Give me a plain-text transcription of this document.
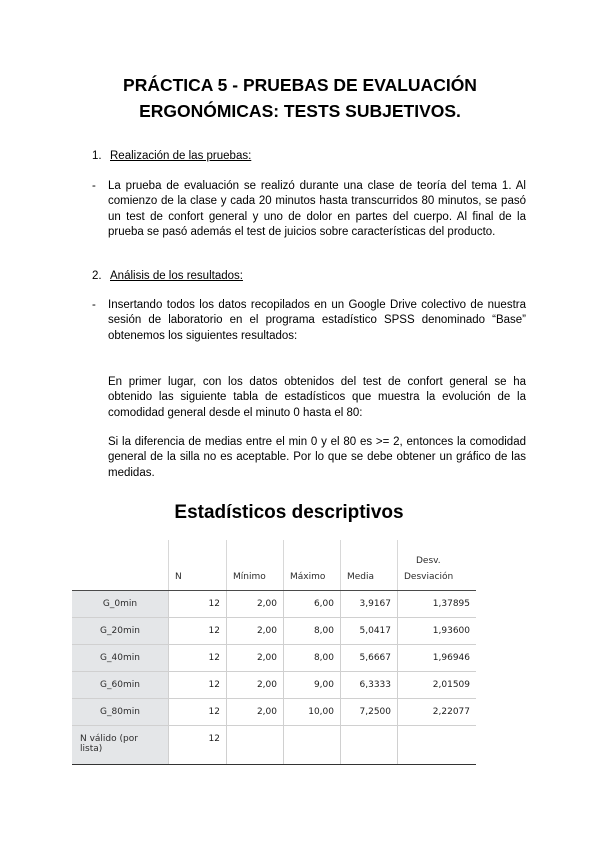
PRÁCTICA 5 - PRUEBAS DE EVALUACIÓN
ERGONÓMICAS: TESTS SUBJETIVOS.
1. Realización de las pruebas:
- La prueba de evaluación se realizó durante una clase de teoría del tema 1. Al comienzo de la clase y cada 20 minutos hasta transcurridos 80 minutos, se pasó un test de confort general y uno de dolor en partes del cuerpo. Al final de la prueba se pasó además el test de juicios sobre características del producto.
2. Análisis de los resultados:
- Insertando todos los datos recopilados en un Google Drive colectivo de nuestra sesión de laboratorio en el programa estadístico SPSS denominado “Base” obtenemos los siguientes resultados:
En primer lugar, con los datos obtenidos del test de confort general se ha obtenido las siguiente tabla de estadísticos que muestra la evolución de la comodidad general desde el minuto 0 hasta el 80:
Si la diferencia de medias entre el min 0 y el 80 es >= 2, entonces la comodidad general de la silla no es aceptable. Por lo que se debe obtener un gráfico de las medidas.
Estadísticos descriptivos
	N	Mínimo	Máximo	Media	Desv.
Desviación

G_0min	12	2,00	6,00	3,9167	1,37895
G_20min	12	2,00	8,00	5,0417	1,93600
G_40min	12	2,00	8,00	5,6667	1,96946
G_60min	12	2,00	9,00	6,3333	2,01509
G_80min	12	2,00	10,00	7,2500	2,22077
N válido (por lista)	12				
